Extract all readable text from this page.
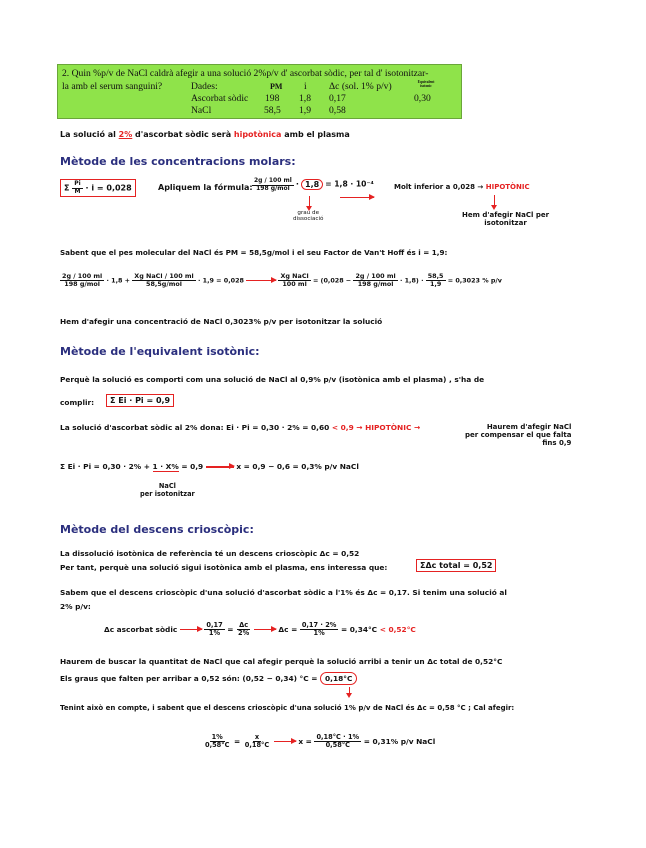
2. Quin %p/v de NaCl caldrà afegir a una solució 2%p/v d' ascorbat sòdic, per tal d' isotonitzar-
la amb el serum sanguini?	Dades:	PM i Δc (sol. 1% p/v)	Equivalent isotonic
Ascorbat sòdic 198 1,8 0,17	0,30
NaCl	58,5 1,9 0,58
La solució al 2% d'ascorbat sòdic serà hipotònica amb el plasma
Mètode de les concentracions molars:
Σ $\frac{Pi}{M} \cdot i = 0,028$	Apliquem la fórmula: $\frac{2g / 100 ml}{\text{198 g/mol}} \cdot 1,8 = 1,8 \cdot 10^{-4}$
grau de
dissociació
Molt inferior a 0,028 → HIPOTÒNIC
Hem d'afegir NaCl per
isotonitzar
Sabent que el pes molecular del NaCl és PM = 58,5g/mol i el seu Factor de Van't Hoff és i = 1,9:
$\frac{2g / 100 ml}{\text{198 g/mol}} \cdot 1,8 + \frac{\text{Xg NaCl / 100 ml}}{\text{58,5g/mol}} \cdot 1,9 = 0,028$	$\frac{\text{Xg NaCl}}{100 ml} = (0,028 - \frac{2g / 100 ml}{\text{198 g/mol}} \cdot 1,8) \cdot \frac{58,5}{1,9} = 0,3023$ % p/v
Hem d'afegir una concentració de NaCl 0,3023% p/v per isotonitzar la solució
Mètode de l'equivalent isotònic:
Perquè la solució es comporti com una solució de NaCl al 0,9% p/v (isotònica amb el plasma) , s'ha de
complir:	Σ Ei · Pi = 0,9
La solució d'ascorbat sòdic al 2% dona: Ei · Pi = 0,30 · 2% = 0,60 < 0,9 → HIPOTÒNIC →	Haurem d'afegir NaCl
per compensar el que falta
fins 0,9
Σ Ei · Pi = 0,30 · 2% + 1 · X% = 0,9	x = 0,9 − 0,6 = 0,3% p/v NaCl
NaCl
per isotonitzar
Mètode del descens crioscòpic:
La dissolució isotònica de referència té un descens crioscòpic Δc = 0,52
Per tant, perquè una solució sigui isotònica amb el plasma, ens interessa que:	ΣΔc total = 0,52
Sabem que el descens crioscòpic d'una solució d'ascorbat sòdic a l'1% és Δc = 0,17. Si tenim una solució al
2% p/v:
Δc ascorbat sòdic	$\frac{0,17}{1\%} = \frac{\Delta c}{2\%}$	$\Delta c = \frac{0,17 \cdot 2\%}{1\%} = 0,34^\circ C < 0,52^\circ C$
Haurem de buscar la quantitat de NaCl que cal afegir perquè la solució arribi a tenir un Δc total de 0,52°C
Els graus que falten per arribar a 0,52 són: (0,52 − 0,34) °C = 0,18°C
Tenint això en compte, i sabent que el descens crioscòpic d'una solució 1% p/v de NaCl és Δc = 0,58 °C ; Cal afegir:
$\frac{1\%}{0,58^\circ C} = \frac{x}{0,18^\circ C}$	$x = \frac{0,18^\circ C \cdot 1\%}{0,58^\circ C} = 0,31\%$ p/v NaCl
